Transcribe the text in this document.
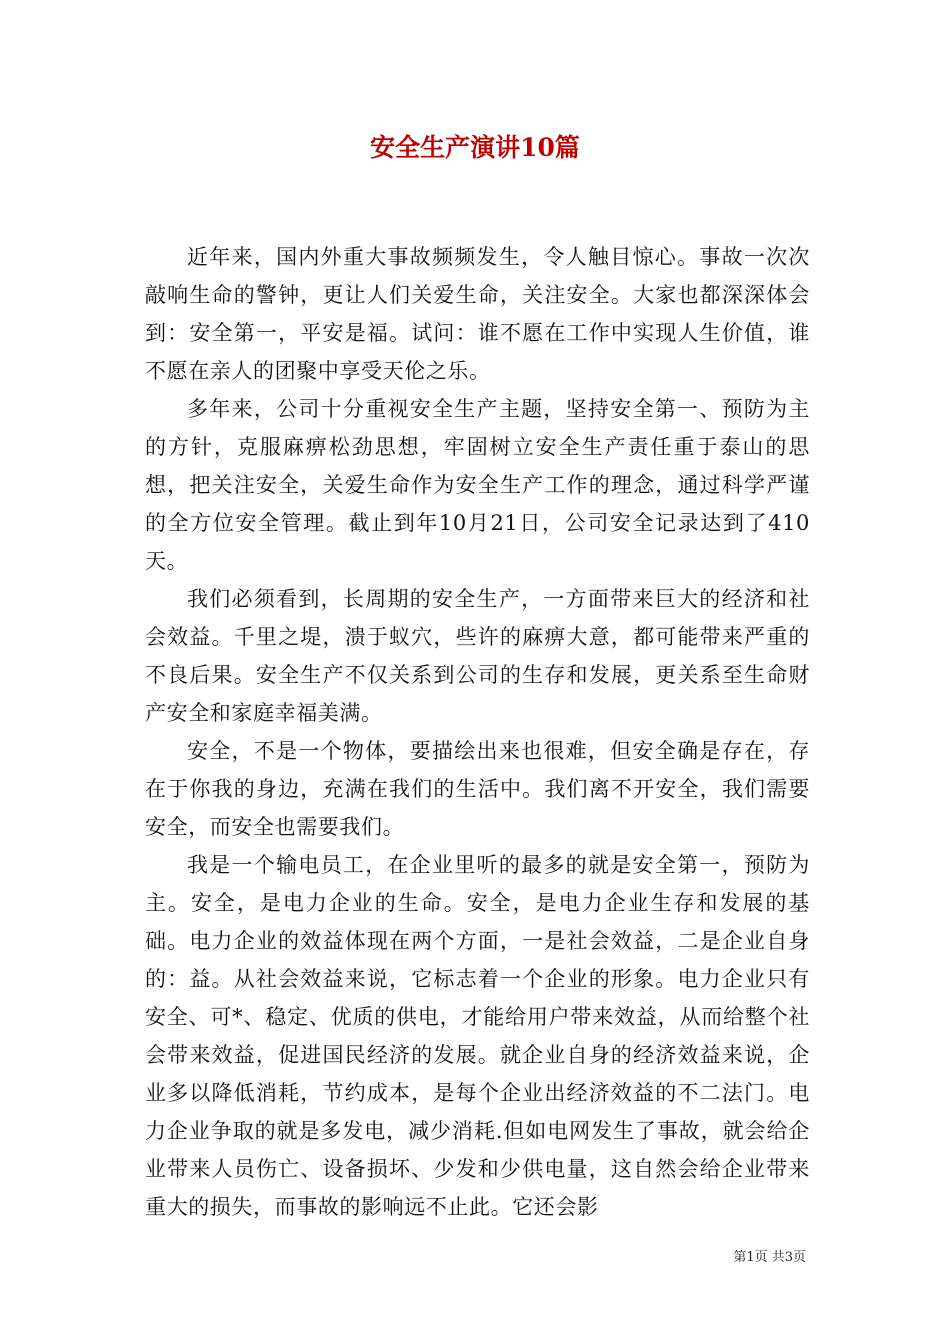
安全生产演讲10篇

近年来，国内外重大事故频频发生，令人触目惊心。事故一次次敲响生命的警钟，更让人们关爱生命，关注安全。大家也都深深体会到：安全第一，平安是福。试问：谁不愿在工作中实现人生价值，谁不愿在亲人的团聚中享受天伦之乐。

多年来，公司十分重视安全生产主题，坚持安全第一、预防为主的方针，克服麻痹松劲思想，牢固树立安全生产责任重于泰山的思想，把关注安全，关爱生命作为安全生产工作的理念，通过科学严谨的全方位安全管理。截止到年10月21日，公司安全记录达到了410天。

我们必须看到，长周期的安全生产，一方面带来巨大的经济和社会效益。千里之堤，溃于蚁穴，些许的麻痹大意，都可能带来严重的不良后果。安全生产不仅关系到公司的生存和发展，更关系至生命财产安全和家庭幸福美满。

安全，不是一个物体，要描绘出来也很难，但安全确是存在，存在于你我的身边，充满在我们的生活中。我们离不开安全，我们需要安全，而安全也需要我们。

我是一个输电员工，在企业里听的最多的就是安全第一，预防为主。安全，是电力企业的生命。安全，是电力企业生存和发展的基础。电力企业的效益体现在两个方面，一是社会效益，二是企业自身的：益。从社会效益来说，它标志着一个企业的形象。电力企业只有安全、可*、稳定、优质的供电，才能给用户带来效益，从而给整个社会带来效益，促进国民经济的发展。就企业自身的经济效益来说，企业多以降低消耗，节约成本，是每个企业出经济效益的不二法门。电力企业争取的就是多发电，减少消耗.但如电网发生了事故，就会给企业带来人员伤亡、设备损坏、少发和少供电量，这自然会给企业带来重大的损失，而事故的影响远不止此。它还会影

第1页 共3页
